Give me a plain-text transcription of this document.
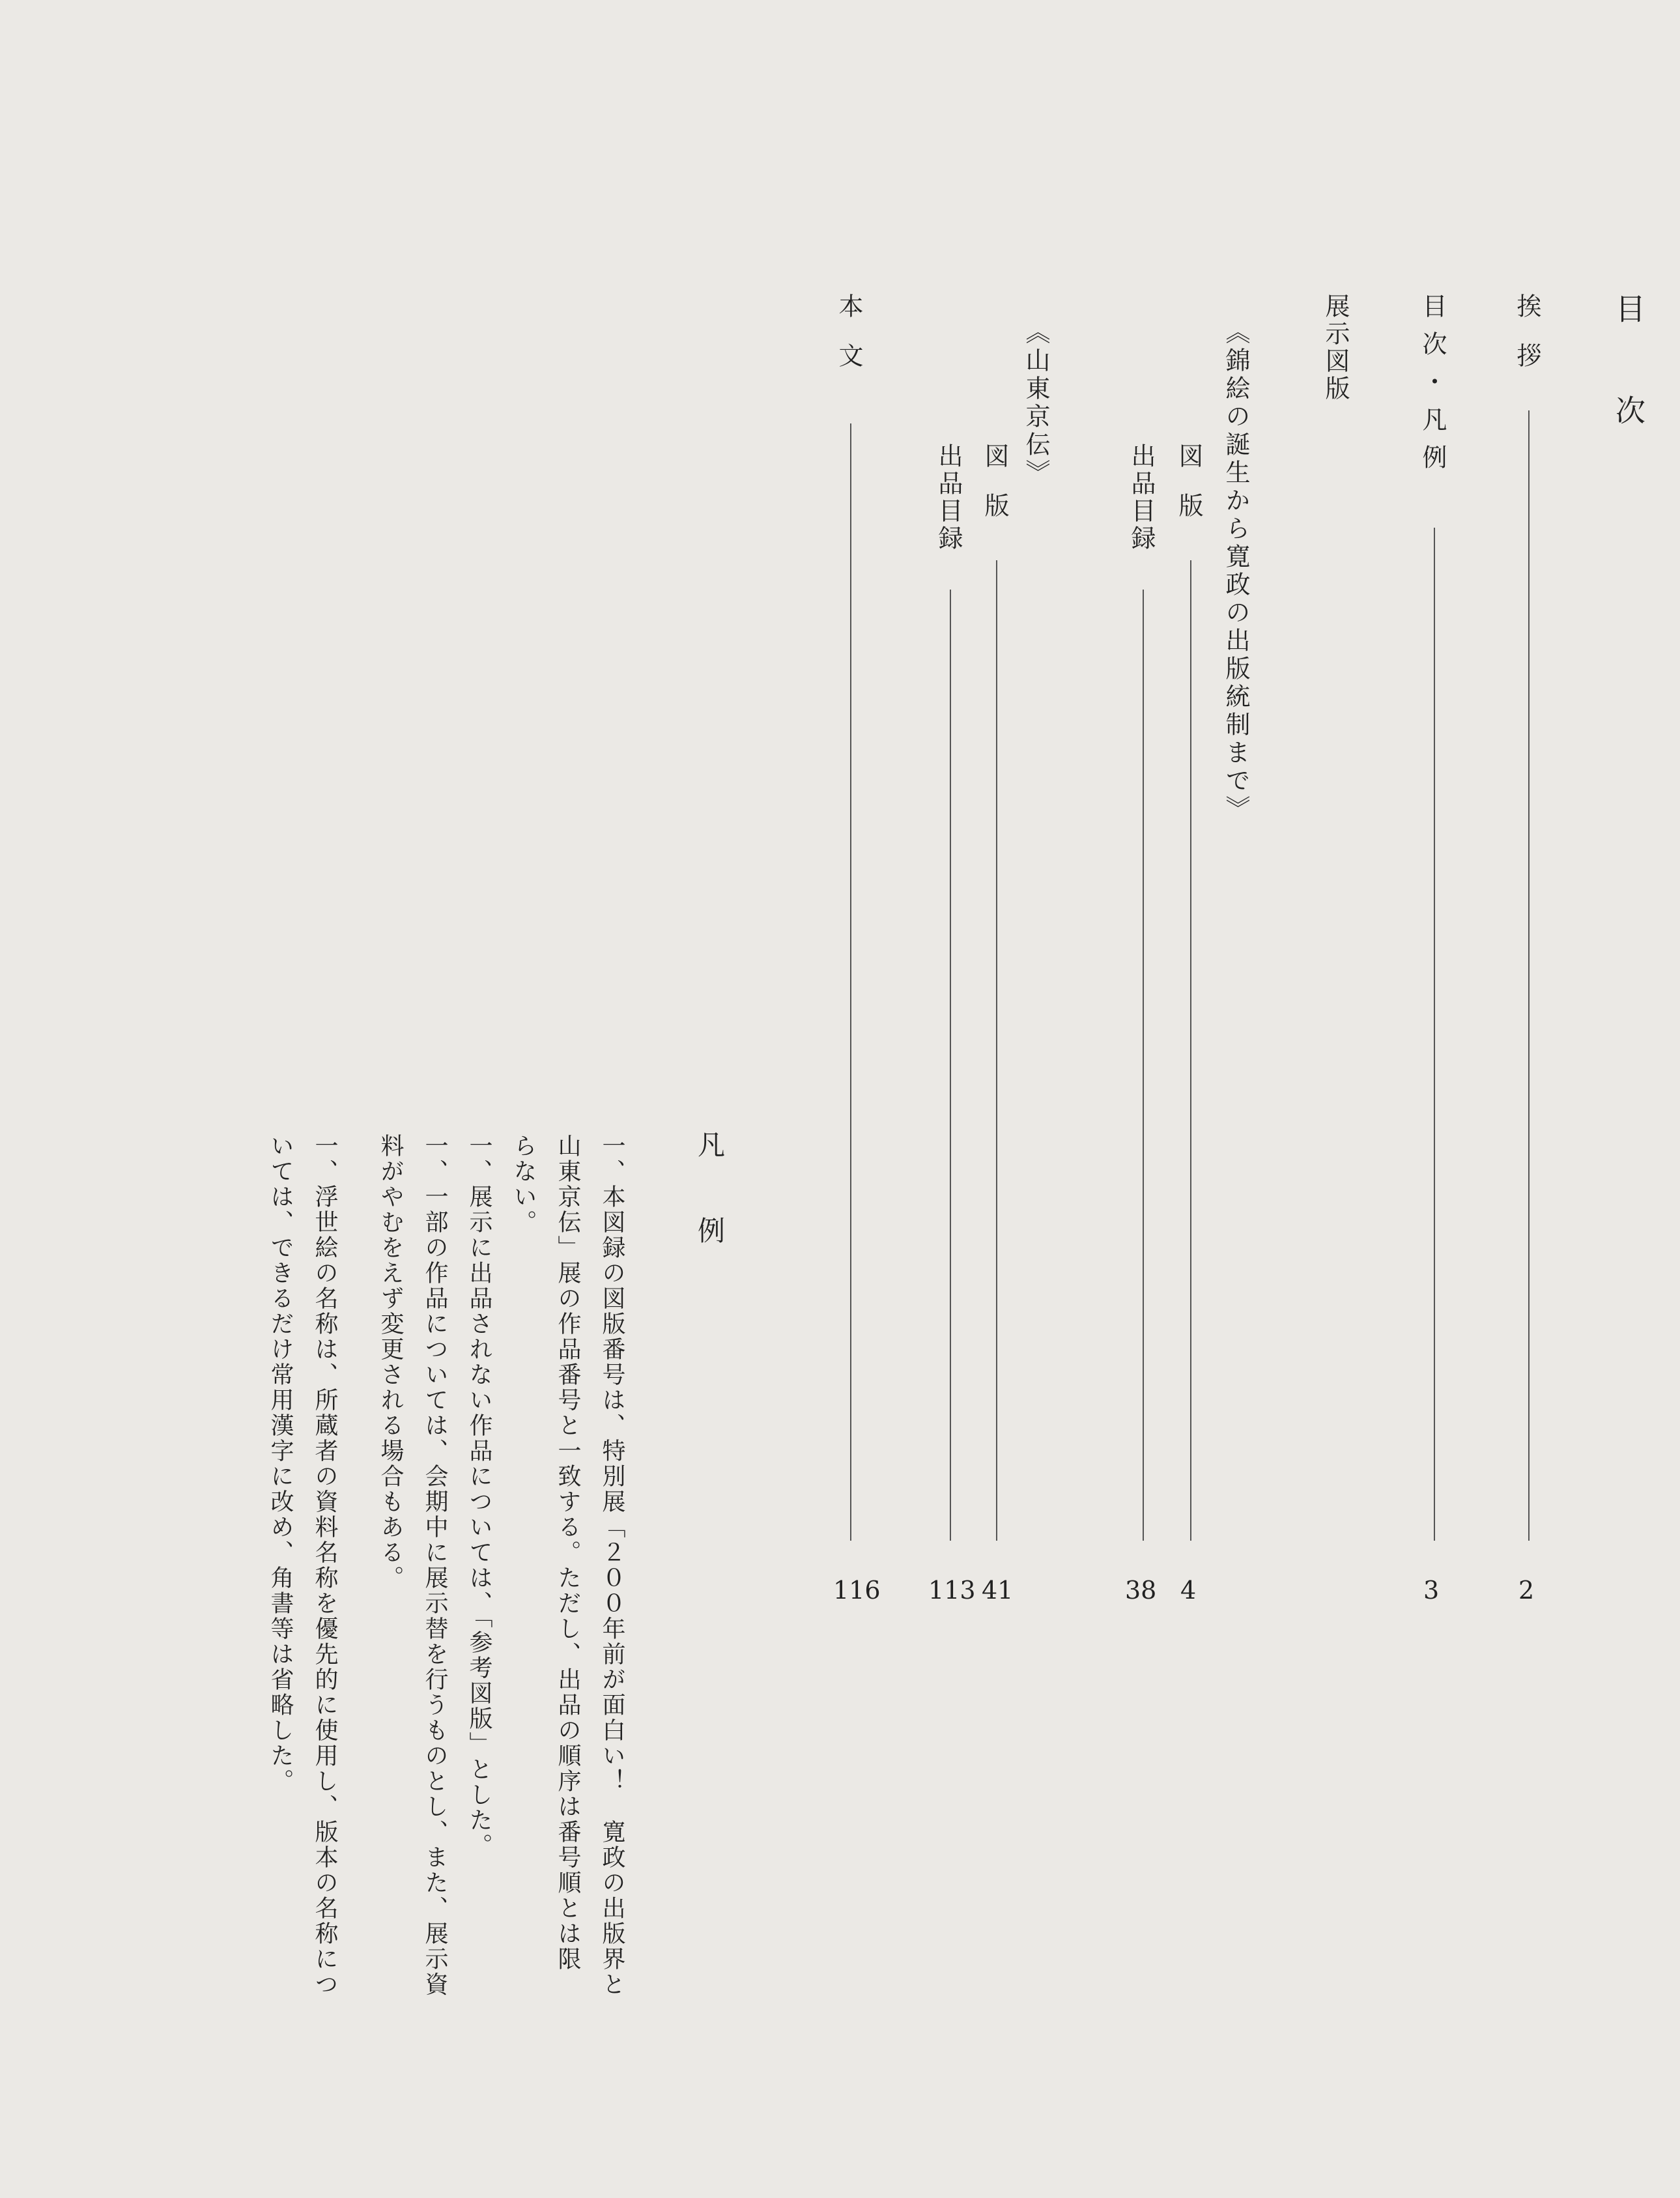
目次
挨拶
2
目次・凡例
3
展示図版
《錦絵の誕生から寛政の出版統制まで》
図版
4
出品目録
38
《山東京伝》
図版
41
出品目録
113
本文
116
凡例
一、本図録の図版番号は、特別展「２００年前が面白い！　寛政の出版界と
山東京伝」展の作品番号と一致する。ただし、出品の順序は番号順とは限
らない。
一、展示に出品されない作品については、「参考図版」とした。
一、一部の作品については、会期中に展示替を行うものとし、また、展示資
料がやむをえず変更される場合もある。
一、浮世絵の名称は、所蔵者の資料名称を優先的に使用し、版本の名称につ
いては、できるだけ常用漢字に改め、角書等は省略した。
